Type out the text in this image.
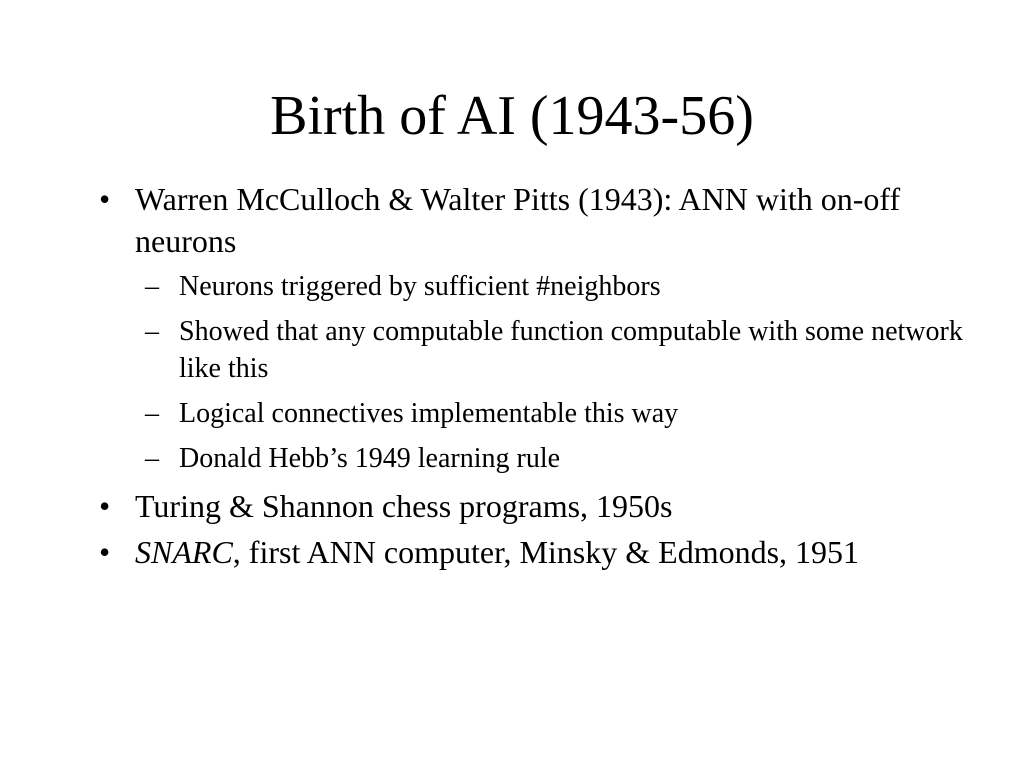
Birth of AI (1943-56)
• Warren McCulloch & Walter Pitts (1943): ANN with on-off neurons
– Neurons triggered by sufficient #neighbors
– Showed that any computable function computable with some network like this
– Logical connectives implementable this way
– Donald Hebb’s 1949 learning rule
• Turing & Shannon chess programs, 1950s
• SNARC, first ANN computer, Minsky & Edmonds, 1951
